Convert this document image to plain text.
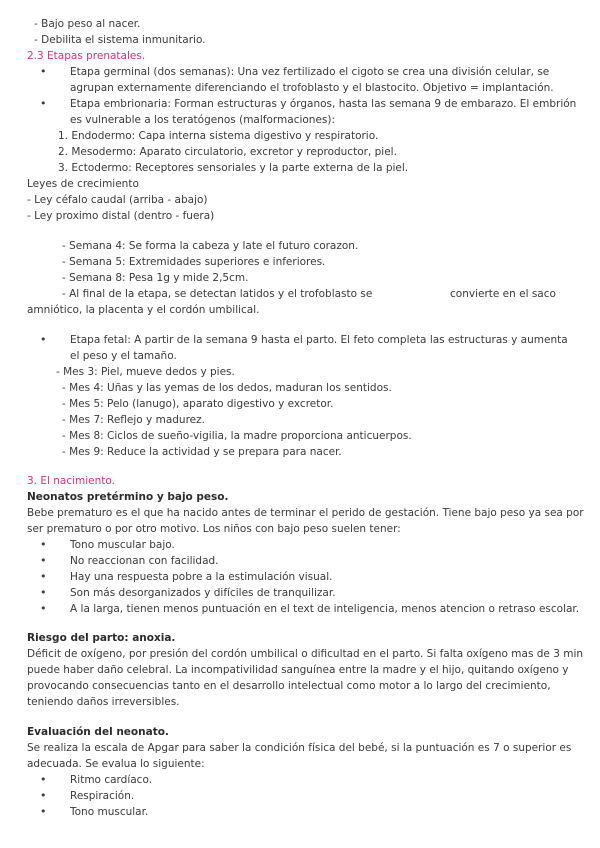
- Bajo peso al nacer.
- Debilita el sistema inmunitario.
2.3 Etapas prenatales.
• Etapa germinal (dos semanas): Una vez fertilizado el cigoto se crea una división celular, se
agrupan externamente diferenciando el trofoblasto y el blastocito. Objetivo = implantación.
• Etapa embrionaria: Forman estructuras y órganos, hasta las semana 9 de embarazo. El embrión
es vulnerable a los teratógenos (malformaciones):
1. Endodermo: Capa interna sistema digestivo y respiratorio.
2. Mesodermo: Aparato circulatorio, excretor y reproductor, piel.
3. Ectodermo: Receptores sensoriales y la parte externa de la piel.
Leyes de crecimiento
- Ley céfalo caudal (arriba - abajo)
- Ley proximo distal (dentro - fuera)
- Semana 4: Se forma la cabeza y late el futuro corazon.
- Semana 5: Extremidades superiores e inferiores.
- Semana 8: Pesa 1g y mide 2,5cm.
- Al final de la etapa, se detectan latidos y el trofoblasto se	convierte en el saco
amniótico, la placenta y el cordón umbilical.
• Etapa fetal: A partir de la semana 9 hasta el parto. El feto completa las estructuras y aumenta
el peso y el tamaño.
- Mes 3: Piel, mueve dedos y pies.
- Mes 4: Uñas y las yemas de los dedos, maduran los sentidos.
- Mes 5: Pelo (lanugo), aparato digestivo y excretor.
- Mes 7: Reflejo y madurez.
- Mes 8: Ciclos de sueño-vigilia, la madre proporciona anticuerpos.
- Mes 9: Reduce la actividad y se prepara para nacer.
3. El nacimiento.
Neonatos pretérmino y bajo peso.
Bebe prematuro es el que ha nacido antes de terminar el perido de gestación. Tiene bajo peso ya sea por
ser prematuro o por otro motivo. Los niños con bajo peso suelen tener:
• Tono muscular bajo.
• No reaccionan con facilidad.
• Hay una respuesta pobre a la estimulación visual.
• Son más desorganizados y difíciles de tranquilizar.
• A la larga, tienen menos puntuación en el text de inteligencia, menos atencion o retraso escolar.
Riesgo del parto: anoxia.
Déficit de oxígeno, por presión del cordón umbilical o dificultad en el parto. Si falta oxígeno mas de 3 min
puede haber daño celebral. La incompativilidad sanguínea entre la madre y el hijo, quitando oxígeno y
provocando consecuencias tanto en el desarrollo intelectual como motor a lo largo del crecimiento,
teniendo daños irreversibles.
Evaluación del neonato.
Se realiza la escala de Apgar para saber la condición física del bebé, si la puntuación es 7 o superior es
adecuada. Se evalua lo siguiente:
• Ritmo cardíaco.
• Respiración.
• Tono muscular.
